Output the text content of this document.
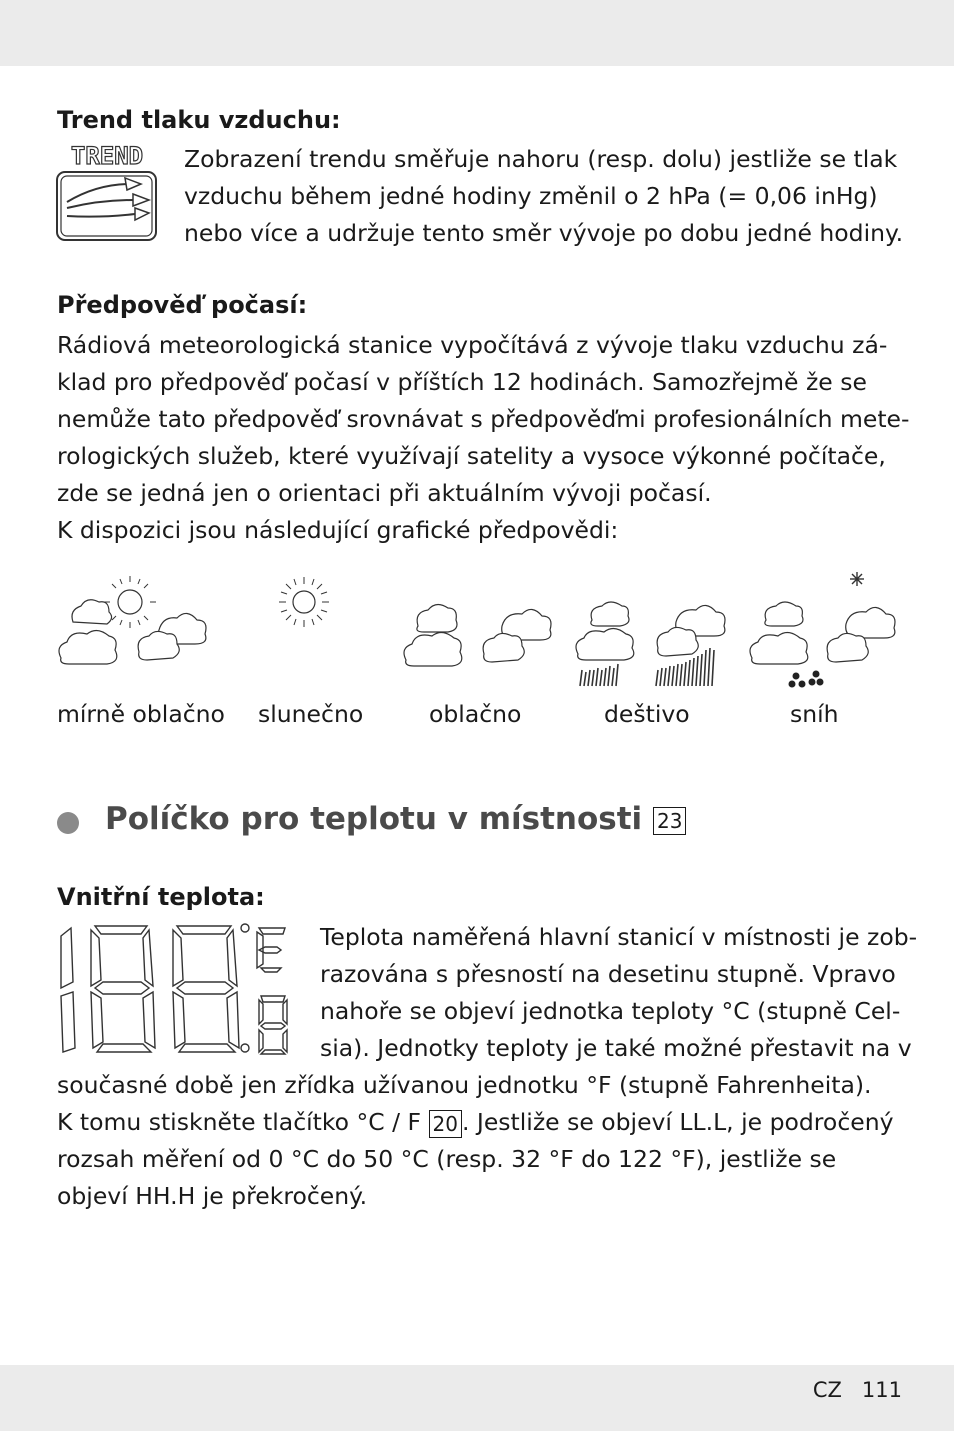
Trend tlaku vzduchu:
TREND Zobrazení trendu směřuje nahoru (resp. dolu) jestliže se tlak
vzduchu během jedné hodiny změnil o 2 hPa (= 0,06 inHg)
nebo více a udržuje tento směr vývoje po dobu jedné hodiny.
Předpověď počasí:
Rádiová meteorologická stanice vypočítává z vývoje tlaku vzduchu zá-
klad pro předpověď počasí v příštích 12 hodinách. Samozřejmě že se
nemůže tato předpověď srovnávat s předpověďmi profesionálních mete-
rologických služeb, které využívají satelity a vysoce výkonné počítače,
zde se jedná jen o orientaci při aktuálním vývoji počasí.
K dispozici jsou následující grafické předpovědi:
mírně oblačno slunečno	oblačno	deštivo	sníh
Políčko pro teplotu v místnosti 23
Vnitřní teplota:
Teplota naměřená hlavní stanicí v místnosti je zob-
razována s přesností na desetinu stupně. Vpravo
nahoře se objeví jednotka teploty °C (stupně Cel-
sia). Jednotky teploty je také možné přestavit na v
současné době jen zřídka užívanou jednotku °F (stupně Fahrenheita).
K tomu stiskněte tlačítko °C / F 20 . Jestliže se objeví LL.L, je področený
rozsah měření od 0 °C do 50 °C (resp. 32 °F do 122 °F), jestliže se
objeví HH.H je překročený.
CZ 111
